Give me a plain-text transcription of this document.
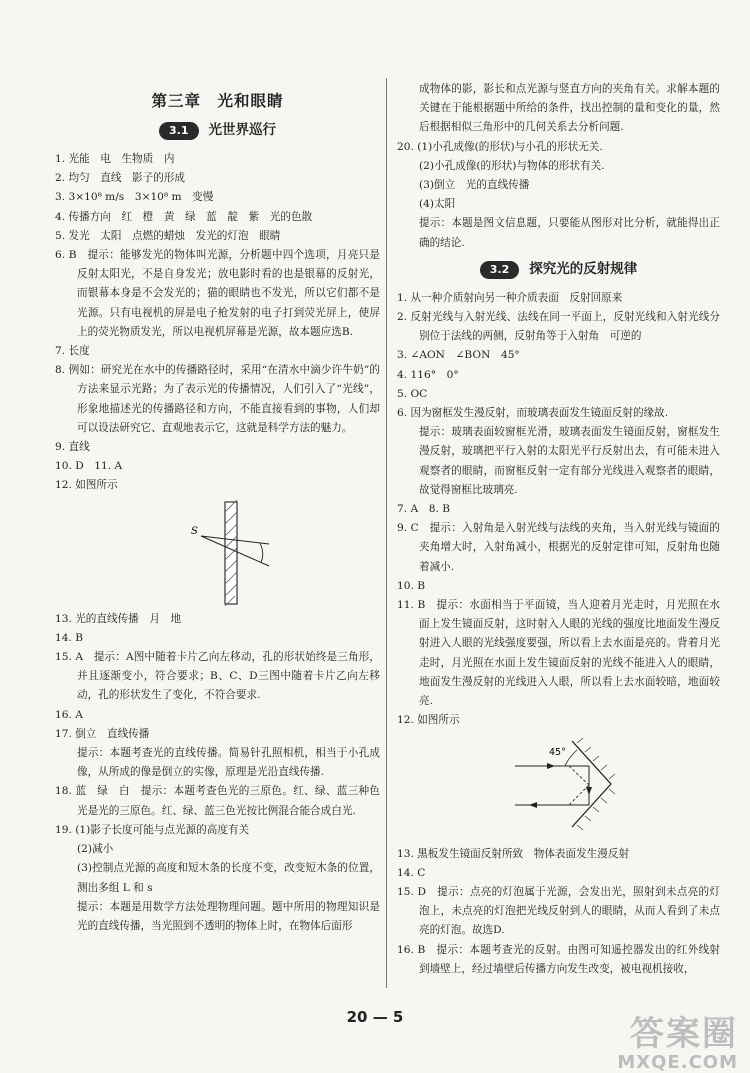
第三章　光和眼睛
3.1	光世界巡行

1. 光能　电　生物质　内

2. 均匀　直线　影子的形成

3. 3×10⁸ m/s　3×10⁸ m　变慢

4. 传播方向　红　橙　黄　绿　蓝　靛　紫　光的色散

5. 发光　太阳　点燃的蜡烛　发光的灯泡　眼睛

6. B　提示：能够发光的物体叫光源，分析题中四个选项，月亮只是反射太阳光，不是自身发光；放电影时看的也是银幕的反射光，而银幕本身是不会发光的；猫的眼睛也不发光，所以它们都不是光源。只有电视机的屏是电子枪发射的电子打到荧光屏上，使屏上的荧光物质发光，所以电视机屏幕是光源，故本题应选B.

7. 长度

8. 例如：研究光在水中的传播路径时，采用“在清水中滴少许牛奶”的方法来显示光路；为了表示光的传播情况，人们引入了“光线”，形象地描述光的传播路径和方向，不能直接看到的事物，人们却可以设法研究它、直观地表示它，这就是科学方法的魅力。

9. 直线

10. D　11. A

12. 如图所示

S

13. 光的直线传播　月　地

14. B

15. A　提示：A图中随着卡片乙向左移动，孔的形状始终是三角形，并且逐渐变小，符合要求；B、C、D三图中随着卡片乙向左移动，孔的形状发生了变化，不符合要求.

16. A

17. 倒立　直线传播

提示：本题考查光的直线传播。简易针孔照相机，相当于小孔成像，从所成的像是倒立的实像，原理是光沿直线传播.

18. 蓝　绿　白　提示：本题考查色光的三原色。红、绿、蓝三种色光是光的三原色。红、绿、蓝三色光按比例混合能合成白光.

19. (1)影子长度可能与点光源的高度有关

(2)减小

(3)控制点光源的高度和短木条的长度不变，改变短木条的位置，测出多组 L 和 s

提示：本题是用数学方法处理物理问题。题中所用的物理知识是光的直线传播，当光照到不透明的物体上时，在物体后面形

成物体的影，影长和点光源与竖直方向的夹角有关。求解本题的关键在于能根据题中所给的条件，找出控制的量和变化的量，然后根据相似三角形中的几何关系去分析问题.

20. (1)小孔成像(的形状)与小孔的形状无关.

(2)小孔成像(的形状)与物体的形状有关.

(3)倒立　光的直线传播

(4)太阳

提示：本题是图文信息题，只要能从图形对比分析，就能得出正确的结论.

3.2	探究光的反射规律

1. 从一种介质射向另一种介质表面　反射回原来

2. 反射光线与入射光线、法线在同一平面上，反射光线和入射光线分别位于法线的两侧，反射角等于入射角　可逆的

3. ∠AON　∠BON　45°

4. 116°　0°

5. OC

6. 因为窗框发生漫反射，而玻璃表面发生镜面反射的缘故.

提示：玻璃表面较窗框光滑，玻璃表面发生镜面反射，窗框发生漫反射，玻璃把平行入射的太阳光平行反射出去，有可能未进入观察者的眼睛，而窗框反射一定有部分光线进入观察者的眼睛，故觉得窗框比玻璃亮.

7. A　8. B

9. C　提示：入射角是入射光线与法线的夹角，当入射光线与镜面的夹角增大时，入射角减小，根据光的反射定律可知，反射角也随着减小.

10. B

11. B　提示：水面相当于平面镜，当人迎着月光走时，月光照在水面上发生镜面反射，这时射入人眼的光线的强度比地面发生漫反射进入人眼的光线强度要强，所以看上去水面是亮的。背着月光走时，月光照在水面上发生镜面反射的光线不能进入人的眼睛，地面发生漫反射的光线进入人眼，所以看上去水面较暗，地面较亮.

12. 如图所示

45°

13. 黑板发生镜面反射所致　物体表面发生漫反射

14. C

15. D　提示：点亮的灯泡属于光源，会发出光，照射到未点亮的灯泡上，未点亮的灯泡把光线反射到人的眼睛，从而人看到了未点亮的灯泡。故选D.

16. B　提示：本题考查光的反射。由图可知遥控器发出的红外线射到墙壁上，经过墙壁后传播方向发生改变，被电视机接收，

20 — 5	答案圈
MXQE.COM
